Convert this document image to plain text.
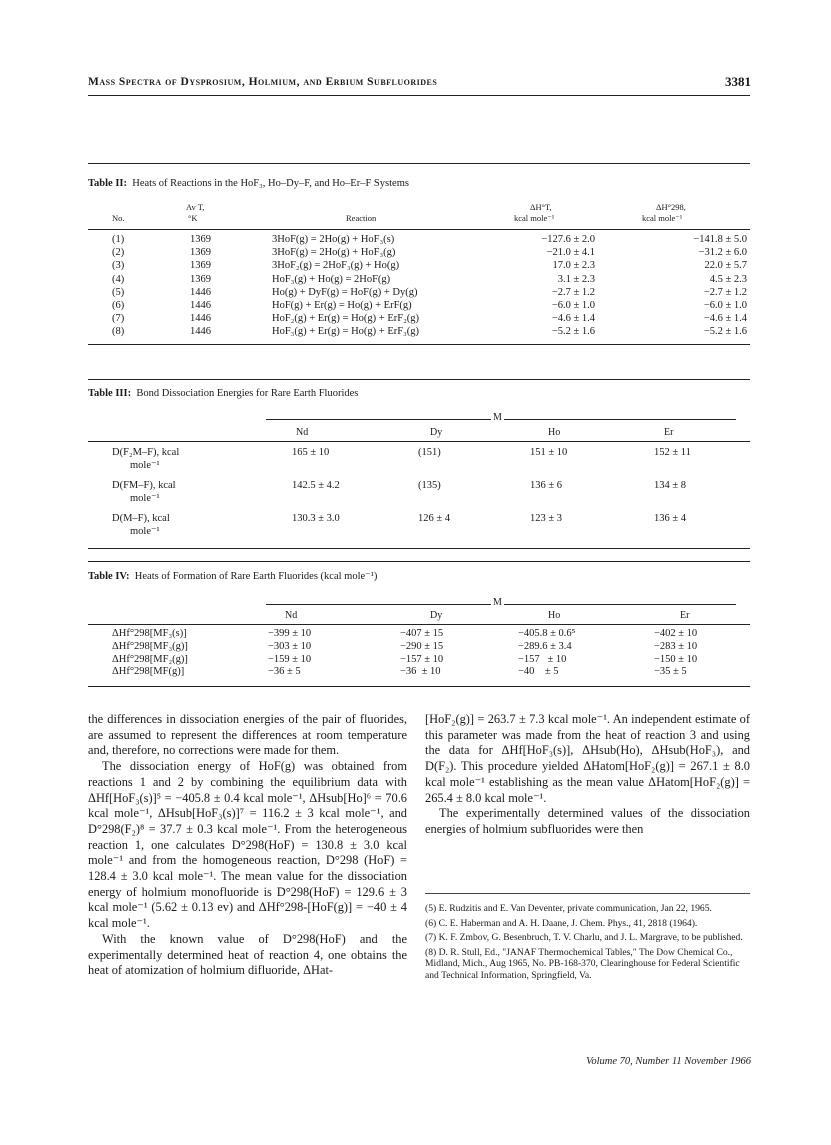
Mass Spectra of Dysprosium, Holmium, and Erbium Subfluorides	3381
Table II: Heats of Reactions in the HoF₃, Ho–Dy–F, and Ho–Er–F Systems
No.
Av T,
°K	Reaction
ΔH°T,
kcal mole⁻¹
ΔH°298,
kcal mole⁻¹
(1)	1369	3HoF(g) = 2Ho(g) + HoF₃(s)	−127.6 ± 2.0	−141.8 ± 5.0
(2)	1369	3HoF(g) = 2Ho(g) + HoF₃(g)	−21.0 ± 4.1	−31.2 ± 6.0
(3)	1369	3HoF₂(g) = 2HoF₃(g) + Ho(g)	17.0 ± 2.3	22.0 ± 5.7
(4)	1369	HoF₃(g) + Ho(g) = 2HoF(g)	3.1 ± 2.3	4.5 ± 2.3
(5)	1446	Ho(g) + DyF(g) = HoF(g) + Dy(g)	−2.7 ± 1.2	−2.7 ± 1.2
(6)	1446	HoF(g) + Er(g) = Ho(g) + ErF(g)	−6.0 ± 1.0	−6.0 ± 1.0
(7)	1446	HoF₂(g) + Er(g) = Ho(g) + ErF₂(g)	−4.6 ± 1.4	−4.6 ± 1.4
(8)	1446	HoF₃(g) + Er(g) = Ho(g) + ErF₃(g)	−5.2 ± 1.6	−5.2 ± 1.6
Table III: Bond Dissociation Energies for Rare Earth Fluorides
M
Nd	Dy	Ho	Er
D(F₂M–F), kcal
mole⁻¹
165 ± 10	(151)	151 ± 10	152 ± 11
D(FM–F), kcal
mole⁻¹
142.5 ± 4.2	(135)	136 ± 6	134 ± 8
D(M–F), kcal
mole⁻¹
130.3 ± 3.0	126 ± 4	123 ± 3	136 ± 4
Table IV: Heats of Formation of Rare Earth Fluorides (kcal mole⁻¹)
M
Nd	Dy	Ho	Er
ΔHf°298[MF₃(s)]	−399 ± 10	−407 ± 15	−405.8 ± 0.6⁵	−402 ± 10
ΔHf°298[MF₃(g)]	−303 ± 10	−290 ± 15	−289.6 ± 3.4	−283 ± 10
ΔHf°298[MF₂(g)]	−159 ± 10	−157 ± 10	−157   ± 10	−150 ± 10
ΔHf°298[MF(g)]	−36 ± 5	−36  ± 10	−40    ± 5	−35 ± 5

the differences in dissociation energies of the pair of fluorides, are assumed to represent the differences at room temperature and, therefore, no corrections were made for them.

The dissociation energy of HoF(g) was obtained from reactions 1 and 2 by combining the equilibrium data with ΔHf[HoF₃(s)]⁵ = −405.8 ± 0.4 kcal mole⁻¹, ΔHsub[Ho]⁶ = 70.6 kcal mole⁻¹, ΔHsub[HoF₃(s)]⁷ = 116.2 ± 3 kcal mole⁻¹, and D°298(F₂)⁸ = 37.7 ± 0.3 kcal mole⁻¹. From the heterogeneous reaction 1, one calculates D°298(HoF) = 130.8 ± 3.0 kcal mole⁻¹ and from the homogeneous reaction, D°298 (HoF) = 128.4 ± 3.0 kcal mole⁻¹. The mean value for the dissociation energy of holmium monofluoride is D°298(HoF) = 129.6 ± 3 kcal mole⁻¹ (5.62 ± 0.13 ev) and ΔHf°298-[HoF(g)] = −40 ± 4 kcal mole⁻¹.

With the known value of D°298(HoF) and the experimentally determined heat of reaction 4, one obtains the heat of atomization of holmium difluoride, ΔHat-

[HoF₂(g)] = 263.7 ± 7.3 kcal mole⁻¹. An independent estimate of this parameter was made from the heat of reaction 3 and using the data for ΔHf[HoF₃(s)], ΔHsub(Ho), ΔHsub(HoF₃), and D(F₂). This procedure yielded ΔHatom[HoF₂(g)] = 267.1 ± 8.0 kcal mole⁻¹ establishing as the mean value ΔHatom[HoF₂(g)] = 265.4 ± 8.0 kcal mole⁻¹.

The experimentally determined values of the dissociation energies of holmium subfluorides were then

(5) E. Rudzitis and E. Van Deventer, private communication, Jan 22, 1965.
(6) C. E. Haberman and A. H. Daane, J. Chem. Phys., 41, 2818 (1964).
(7) K. F. Zmbov, G. Besenbruch, T. V. Charlu, and J. L. Margrave, to be published.
(8) D. R. Stull, Ed., "JANAF Thermochemical Tables," The Dow Chemical Co., Midland, Mich., Aug 1965, No. PB-168-370, Clearinghouse for Federal Scientific and Technical Information, Springfield, Va.
Volume 70, Number 11 November 1966
